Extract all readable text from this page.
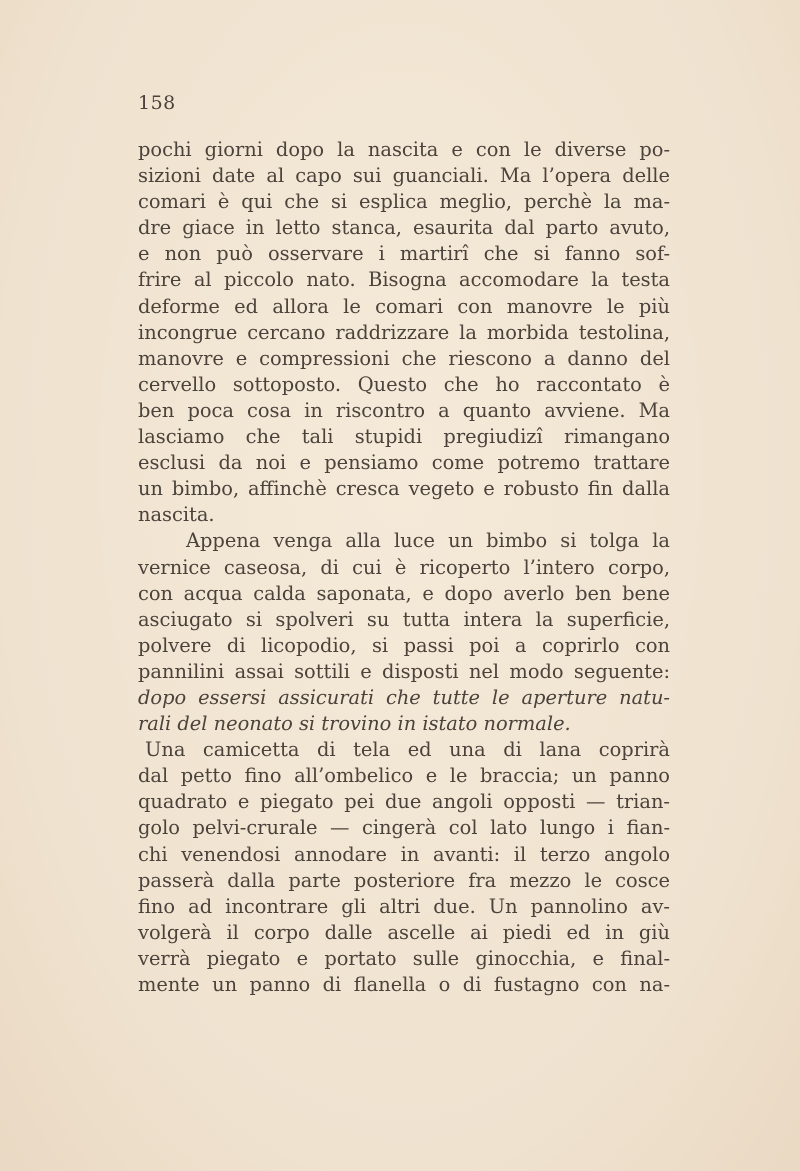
158
pochi giorni dopo la nascita e con le diverse po-
sizioni date al capo sui guanciali. Ma l’opera delle
comari è qui che si esplica meglio, perchè la ma-
dre giace in letto stanca, esaurita dal parto avuto,
e non può osservare i martirî che si fanno sof-
frire al piccolo nato. Bisogna accomodare la testa
deforme ed allora le comari con manovre le più
incongrue cercano raddrizzare la morbida testolina,
manovre e compressioni che riescono a danno del
cervello sottoposto. Questo che ho raccontato è
ben poca cosa in riscontro a quanto avviene. Ma
lasciamo che tali stupidi pregiudizî rimangano
esclusi da noi e pensiamo come potremo trattare
un bimbo, affinchè cresca vegeto e robusto fin dalla
nascita.
Appena venga alla luce un bimbo si tolga la
vernice caseosa, di cui è ricoperto l’intero corpo,
con acqua calda saponata, e dopo averlo ben bene
asciugato si spolveri su tutta intera la superficie,
polvere di licopodio, si passi poi a coprirlo con
pannilini assai sottili e disposti nel modo seguente:
dopo essersi assicurati che tutte le aperture natu-
rali del neonato si trovino in istato normale.
Una camicetta di tela ed una di lana coprirà
dal petto fino all’ombelico e le braccia; un panno
quadrato e piegato pei due angoli opposti — trian-
golo pelvi-crurale — cingerà col lato lungo i fian-
chi venendosi annodare in avanti: il terzo angolo
passerà dalla parte posteriore fra mezzo le cosce
fino ad incontrare gli altri due. Un pannolino av-
volgerà il corpo dalle ascelle ai piedi ed in giù
verrà piegato e portato sulle ginocchia, e final-
mente un panno di flanella o di fustagno con na-
